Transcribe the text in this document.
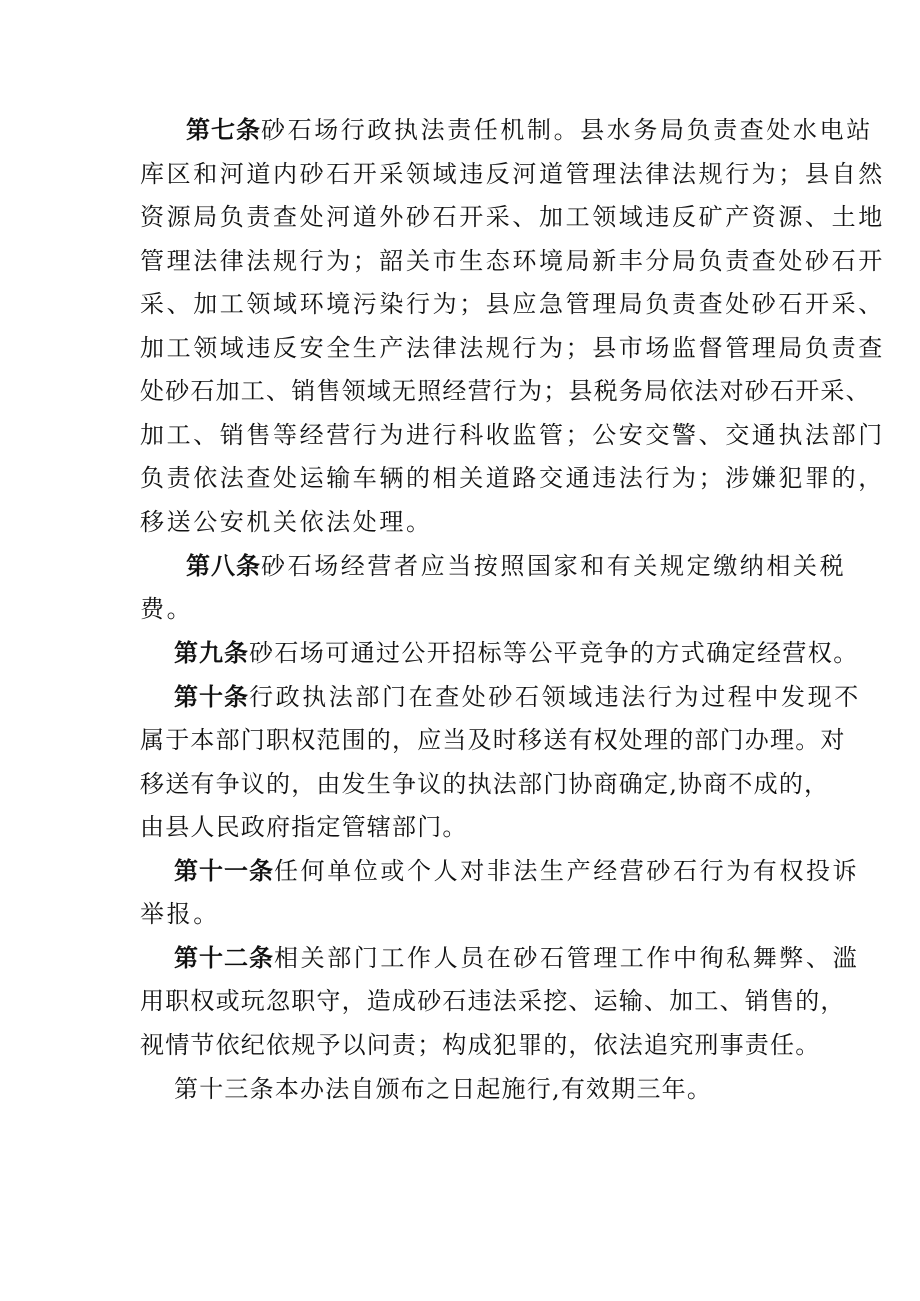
第七条砂石场行政执法责任机制。县水务局负责查处水电站
库区和河道内砂石开采领域违反河道管理法律法规行为；县自然
资源局负责查处河道外砂石开采、加工领域违反矿产资源、土地
管理法律法规行为；韶关市生态环境局新丰分局负责查处砂石开
采、加工领域环境污染行为；县应急管理局负责查处砂石开采、
加工领域违反安全生产法律法规行为；县市场监督管理局负责查
处砂石加工、销售领域无照经营行为；县税务局依法对砂石开采、
加工、销售等经营行为进行科收监管；公安交警、交通执法部门
负责依法查处运输车辆的相关道路交通违法行为；涉嫌犯罪的，
移送公安机关依法处理。
第八条砂石场经营者应当按照国家和有关规定缴纳相关税
费。
第九条砂石场可通过公开招标等公平竞争的方式确定经营权。
第十条行政执法部门在查处砂石领域违法行为过程中发现不
属于本部门职权范围的，应当及时移送有权处理的部门办理。对
移送有争议的，由发生争议的执法部门协商确定,协商不成的，
由县人民政府指定管辖部门。
第十一条任何单位或个人对非法生产经营砂石行为有权投诉
举报。
第十二条相关部门工作人员在砂石管理工作中徇私舞弊、滥
用职权或玩忽职守，造成砂石违法采挖、运输、加工、销售的，
视情节依纪依规予以问责；构成犯罪的，依法追究刑事责任。
第十三条本办法自颁布之日起施行,有效期三年。
